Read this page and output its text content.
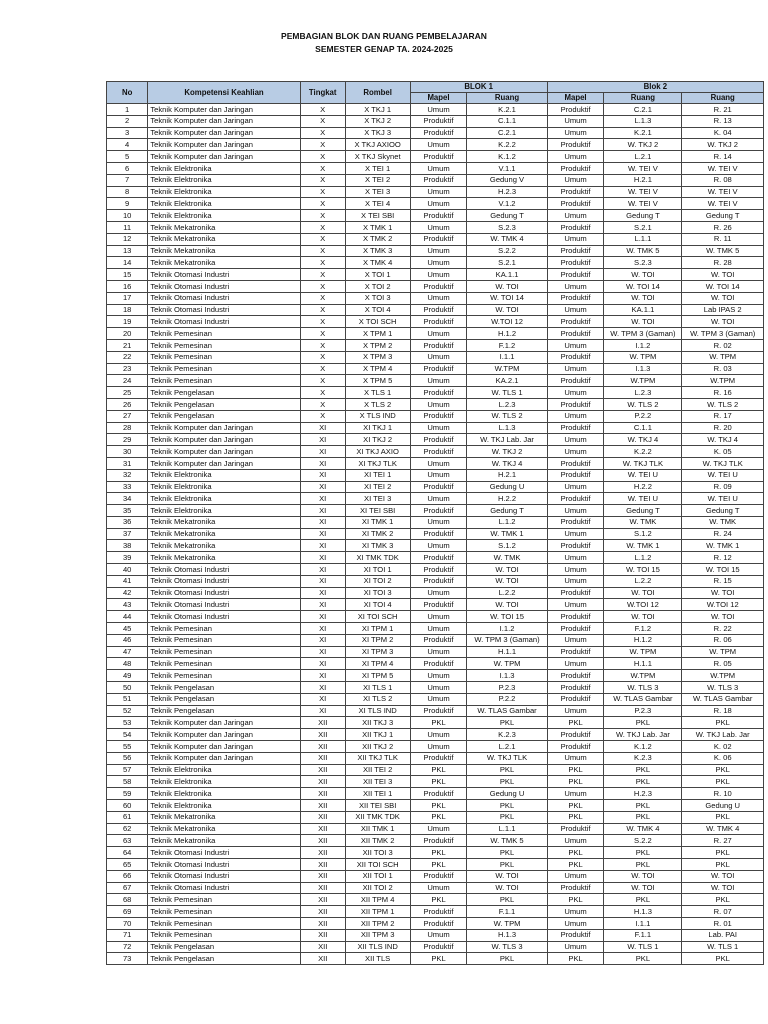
PEMBAGIAN BLOK DAN RUANG PEMBELAJARAN
SEMESTER GENAP TA. 2024-2025
No	Kompetensi Keahlian	Tingkat	Rombel	BLOK 1		Blok 2		
				Mapel	Ruang	Mapel	Ruang	Ruang
1	Teknik Komputer dan Jaringan	X	X TKJ 1	Umum	K.2.1	Produktif	C.2.1	R. 21
2	Teknik Komputer dan Jaringan	X	X TKJ 2	Produktif	C.1.1	Umum	L.1.3	R. 13
3	Teknik Komputer dan Jaringan	X	X TKJ 3	Produktif	C.2.1	Umum	K.2.1	K. 04
4	Teknik Komputer dan Jaringan	X	X TKJ AXIOO	Umum	K.2.2	Produktif	W. TKJ 2	W. TKJ 2
5	Teknik Komputer dan Jaringan	X	X TKJ Skynet	Produktif	K.1.2	Umum	L.2.1	R. 14
6	Teknik Elektronika	X	X TEI 1	Umum	V.1.1	Produktif	W. TEI V	W. TEI V
7	Teknik Elektronika	X	X TEI 2	Produktif	Gedung V	Umum	H.2.1	R. 08
8	Teknik Elektronika	X	X TEI 3	Umum	H.2.3	Produktif	W. TEI V	W. TEI V
9	Teknik Elektronika	X	X TEI 4	Umum	V.1.2	Produktif	W. TEI V	W. TEI V
10	Teknik Elektronika	X	X TEI SBI	Produktif	Gedung T	Umum	Gedung T	Gedung T
11	Teknik Mekatronika	X	X TMK 1	Umum	S.2.3	Produktif	S.2.1	R. 26
12	Teknik Mekatronika	X	X TMK 2	Produktif	W. TMK 4	Umum	L.1.1	R. 11
13	Teknik Mekatronika	X	X TMK 3	Umum	S.2.2	Produktif	W. TMK 5	W. TMK 5
14	Teknik Mekatronika	X	X TMK 4	Umum	S.2.1	Produktif	S.2.3	R. 28
15	Teknik Otomasi Industri	X	X TOI 1	Umum	KA.1.1	Produktif	W. TOI	W. TOI
16	Teknik Otomasi Industri	X	X TOI 2	Produktif	W. TOI	Umum	W. TOI 14	W. TOI 14
17	Teknik Otomasi Industri	X	X TOI 3	Umum	W. TOI 14	Produktif	W. TOI	W. TOI
18	Teknik Otomasi Industri	X	X TOI 4	Produktif	W. TOI	Umum	KA.1.1	Lab IPAS 2
19	Teknik Otomasi Industri	X	X TOI SCH	Produktif	W.TOI 12	Produktif	W. TOI	W. TOI
20	Teknik Pemesinan	X	X TPM 1	Umum	H.1.2	Produktif	W. TPM 3 (Gaman)	W. TPM 3 (Gaman)
21	Teknik Pemesinan	X	X TPM 2	Produktif	F.1.2	Umum	I.1.2	R. 02
22	Teknik Pemesinan	X	X TPM 3	Umum	I.1.1	Produktif	W. TPM	W. TPM
23	Teknik Pemesinan	X	X TPM 4	Produktif	W.TPM	Umum	I.1.3	R. 03
24	Teknik Pemesinan	X	X TPM 5	Umum	KA.2.1	Produktif	W.TPM	W.TPM
25	Teknik Pengelasan	X	X TLS 1	Produktif	W. TLS 1	Umum	L.2.3	R. 16
26	Teknik Pengelasan	X	X TLS 2	Umum	L.2.3	Produktif	W. TLS 2	W. TLS 2
27	Teknik Pengelasan	X	X TLS IND	Produktif	W. TLS 2	Umum	P.2.2	R. 17
28	Teknik Komputer dan Jaringan	XI	XI TKJ 1	Umum	L.1.3	Produktif	C.1.1	R. 20
29	Teknik Komputer dan Jaringan	XI	XI TKJ 2	Produktif	W. TKJ Lab. Jar	Umum	W. TKJ 4	W. TKJ 4
30	Teknik Komputer dan Jaringan	XI	XI TKJ AXIO	Produktif	W. TKJ 2	Umum	K.2.2	K. 05
31	Teknik Komputer dan Jaringan	XI	XI TKJ TLK	Umum	W. TKJ 4	Produktif	W. TKJ TLK	W. TKJ TLK
32	Teknik Elektronika	XI	XI TEI 1	Umum	H.2.1	Produktif	W. TEI U	W. TEI U
33	Teknik Elektronika	XI	XI TEI 2	Produktif	Gedung U	Umum	H.2.2	R. 09
34	Teknik Elektronika	XI	XI TEI 3	Umum	H.2.2	Produktif	W. TEI U	W. TEI U
35	Teknik Elektronika	XI	XI TEI SBI	Produktif	Gedung T	Umum	Gedung T	Gedung T
36	Teknik Mekatronika	XI	XI TMK 1	Umum	L.1.2	Produktif	W. TMK	W. TMK
37	Teknik Mekatronika	XI	XI TMK 2	Produktif	W. TMK 1	Umum	S.1.2	R. 24
38	Teknik Mekatronika	XI	XI TMK 3	Umum	S.1.2	Produktif	W. TMK 1	W. TMK 1
39	Teknik Mekatronika	XI	XI TMK TDK	Produktif	W. TMK	Umum	L.1.2	R. 12
40	Teknik Otomasi Industri	XI	XI TOI 1	Produktif	W. TOI	Umum	W. TOI 15	W. TOI 15
41	Teknik Otomasi Industri	XI	XI TOI 2	Produktif	W. TOI	Umum	L.2.2	R. 15
42	Teknik Otomasi Industri	XI	XI TOI 3	Umum	L.2.2	Produktif	W. TOI	W. TOI
43	Teknik Otomasi Industri	XI	XI TOI 4	Produktif	W. TOI	Umum	W.TOI 12	W.TOI 12
44	Teknik Otomasi Industri	XI	XI TOI SCH	Umum	W. TOI 15	Produktif	W. TOI	W. TOI
45	Teknik Pemesinan	XI	XI TPM 1	Umum	I.1.2	Produktif	F.1.2	R. 22
46	Teknik Pemesinan	XI	XI TPM 2	Produktif	W. TPM 3 (Gaman)	Umum	H.1.2	R. 06
47	Teknik Pemesinan	XI	XI TPM 3	Umum	H.1.1	Produktif	W. TPM	W. TPM
48	Teknik Pemesinan	XI	XI TPM 4	Produktif	W. TPM	Umum	H.1.1	R. 05
49	Teknik Pemesinan	XI	XI TPM 5	Umum	I.1.3	Produktif	W.TPM	W.TPM
50	Teknik Pengelasan	XI	XI TLS 1	Umum	P.2.3	Produktif	W. TLS 3	W. TLS 3
51	Teknik Pengelasan	XI	XI TLS 2	Umum	P.2.2	Produktif	W. TLAS Gambar	W. TLAS Gambar
52	Teknik Pengelasan	XI	XI TLS IND	Produktif	W. TLAS Gambar	Umum	P.2.3	R. 18
53	Teknik Komputer dan Jaringan	XII	XII TKJ 3	PKL	PKL	PKL	PKL	PKL
54	Teknik Komputer dan Jaringan	XII	XII TKJ 1	Umum	K.2.3	Produktif	W. TKJ Lab. Jar	W. TKJ Lab. Jar
55	Teknik Komputer dan Jaringan	XII	XII TKJ 2	Umum	L.2.1	Produktif	K.1.2	K. 02
56	Teknik Komputer dan Jaringan	XII	XII TKJ TLK	Produktif	W. TKJ TLK	Umum	K.2.3	K. 06
57	Teknik Elektronika	XII	XII TEI 2	PKL	PKL	PKL	PKL	PKL
58	Teknik Elektronika	XII	XII TEI 3	PKL	PKL	PKL	PKL	PKL
59	Teknik Elektronika	XII	XII TEI 1	Produktif	Gedung U	Umum	H.2.3	R. 10
60	Teknik Elektronika	XII	XII TEI SBI	PKL	PKL	PKL	PKL	Gedung U
61	Teknik Mekatronika	XII	XII TMK TDK	PKL	PKL	PKL	PKL	PKL
62	Teknik Mekatronika	XII	XII TMK 1	Umum	L.1.1	Produktif	W. TMK 4	W. TMK 4
63	Teknik Mekatronika	XII	XII TMK 2	Produktif	W. TMK 5	Umum	S.2.2	R. 27
64	Teknik Otomasi Industri	XII	XII TOI 3	PKL	PKL	PKL	PKL	PKL
65	Teknik Otomasi Industri	XII	XII TOI SCH	PKL	PKL	PKL	PKL	PKL
66	Teknik Otomasi Industri	XII	XII TOI 1	Produktif	W. TOI	Umum	W. TOI	W. TOI
67	Teknik Otomasi Industri	XII	XII TOI 2	Umum	W. TOI	Produktif	W. TOI	W. TOI
68	Teknik Pemesinan	XII	XII TPM 4	PKL	PKL	PKL	PKL	PKL
69	Teknik Pemesinan	XII	XII TPM 1	Produktif	F.1.1	Umum	H.1.3	R. 07
70	Teknik Pemesinan	XII	XII TPM 2	Produktif	W. TPM	Umum	I.1.1	R. 01
71	Teknik Pemesinan	XII	XII TPM 3	Umum	H.1.3	Produktif	F.1.1	Lab. PAI
72	Teknik Pengelasan	XII	XII TLS IND	Produktif	W. TLS 3	Umum	W. TLS 1	W. TLS 1
73	Teknik Pengelasan	XII	XII TLS	PKL	PKL	PKL	PKL	PKL
